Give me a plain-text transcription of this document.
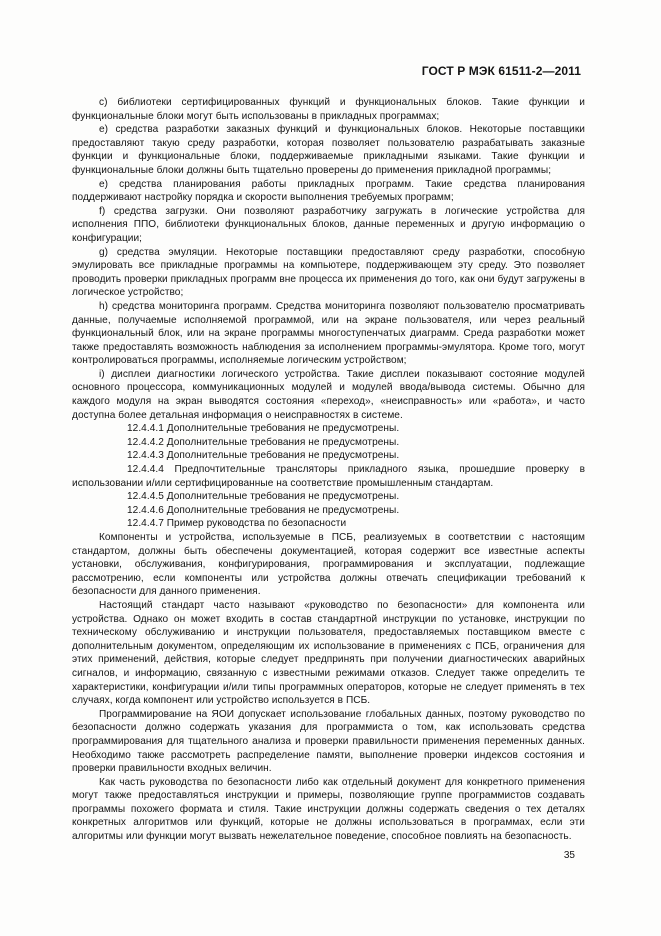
ГОСТ Р МЭК 61511-2—2011

c) библиотеки сертифицированных функций и функциональных блоков. Такие функции и функциональные блоки могут быть использованы в прикладных программах;

e) средства разработки заказных функций и функциональных блоков. Некоторые поставщики предоставляют такую среду разработки, которая позволяет пользователю разрабатывать заказные функции и функциональные блоки, поддерживаемые прикладными языками. Такие функции и функциональные блоки должны быть тщательно проверены до применения прикладной программы;

e) средства планирования работы прикладных программ. Такие средства планирования поддерживают настройку порядка и скорости выполнения требуемых программ;

f) средства загрузки. Они позволяют разработчику загружать в логические устройства для исполнения ППО, библиотеки функциональных блоков, данные переменных и другую информацию о конфигурации;

g) средства эмуляции. Некоторые поставщики предоставляют среду разработки, способную эмулировать все прикладные программы на компьютере, поддерживающем эту среду. Это позволяет проводить проверки прикладных программ вне процесса их применения до того, как они будут загружены в логическое устройство;

h) средства мониторинга программ. Средства мониторинга позволяют пользователю просматривать данные, получаемые исполняемой программой, или на экране пользователя, или через реальный функциональный блок, или на экране программы многоступенчатых диаграмм. Среда разработки может также предоставлять возможность наблюдения за исполнением программы-эмулятора. Кроме того, могут контролироваться программы, исполняемые логическим устройством;

i) дисплеи диагностики логического устройства. Такие дисплеи показывают состояние модулей основного процессора, коммуникационных модулей и модулей ввода/вывода системы. Обычно для каждого модуля на экран выводятся состояния «переход», «неисправность» или «работа», и часто доступна более детальная информация о неисправностях в системе.

12.4.4.1 Дополнительные требования не предусмотрены.

12.4.4.2 Дополнительные требования не предусмотрены.

12.4.4.3 Дополнительные требования не предусмотрены.

12.4.4.4 Предпочтительные трансляторы прикладного языка, прошедшие проверку в использовании и/или сертифицированные на соответствие промышленным стандартам.

12.4.4.5 Дополнительные требования не предусмотрены.

12.4.4.6 Дополнительные требования не предусмотрены.

12.4.4.7 Пример руководства по безопасности

Компоненты и устройства, используемые в ПСБ, реализуемых в соответствии с настоящим стандартом, должны быть обеспечены документацией, которая содержит все известные аспекты установки, обслуживания, конфигурирования, программирования и эксплуатации, подлежащие рассмотрению, если компоненты или устройства должны отвечать спецификации требований к безопасности для данного применения.

Настоящий стандарт часто называют «руководство по безопасности» для компонента или устройства. Однако он может входить в состав стандартной инструкции по установке, инструкции по техническому обслуживанию и инструкции пользователя, предоставляемых поставщиком вместе с дополнительным документом, определяющим их использование в применениях с ПСБ, ограничения для этих применений, действия, которые следует предпринять при получении диагностических аварийных сигналов, и информацию, связанную с известными режимами отказов. Следует также определить те характеристики, конфигурации и/или типы программных операторов, которые не следует применять в тех случаях, когда компонент или устройство используется в ПСБ.

Программирование на ЯОИ допускает использование глобальных данных, поэтому руководство по безопасности должно содержать указания для программиста о том, как использовать средства программирования для тщательного анализа и проверки правильности применения переменных данных. Необходимо также рассмотреть распределение памяти, выполнение проверки индексов состояния и проверки правильности входных величин.

Как часть руководства по безопасности либо как отдельный документ для конкретного применения могут также предоставляться инструкции и примеры, позволяющие группе программистов создавать программы похожего формата и стиля. Такие инструкции должны содержать сведения о тех деталях конкретных алгоритмов или функций, которые не должны использоваться в программах, если эти алгоритмы или функции могут вызвать нежелательное поведение, способное повлиять на безопасность.

35
